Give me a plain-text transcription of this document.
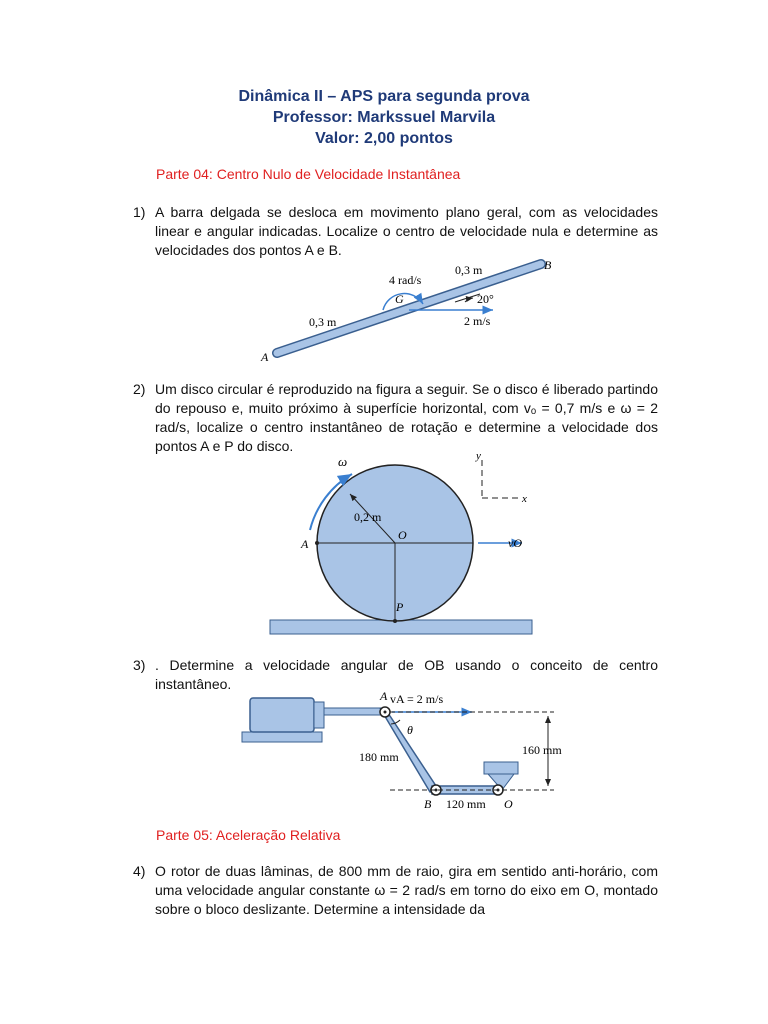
Dinâmica II – APS para segunda prova
Professor: Markssuel Marvila
Valor: 2,00 pontos
Parte 04: Centro Nulo de Velocidade Instantânea
1) A barra delgada se desloca em movimento plano geral, com as velocidades linear e angular indicadas. Localize o centro de velocidade nula e determine as velocidades dos pontos A e B.
4 rad/s
0,3 m
0,3 m
G	20°
2 m/s
A
B
2) Um disco circular é reproduzido na figura a seguir. Se o disco é liberado partindo do repouso e, muito próximo à superfície horizontal, com vₒ = 0,7 m/s e ω = 2 rad/s, localize o centro instantâneo de rotação e determine a velocidade dos pontos A e P do disco.
ω
0,2 m
O
A
P
y
x
vO
3) . Determine a velocidade angular de OB usando o conceito de centro instantâneo.
A vA = 2 m/s
θ
180 mm	160 mm
B 120 mm O
Parte 05: Aceleração Relativa
4) O rotor de duas lâminas, de 800 mm de raio, gira em sentido anti-horário, com uma velocidade angular constante ω = 2 rad/s em torno do eixo em O, montado sobre o bloco deslizante. Determine a intensidade da
